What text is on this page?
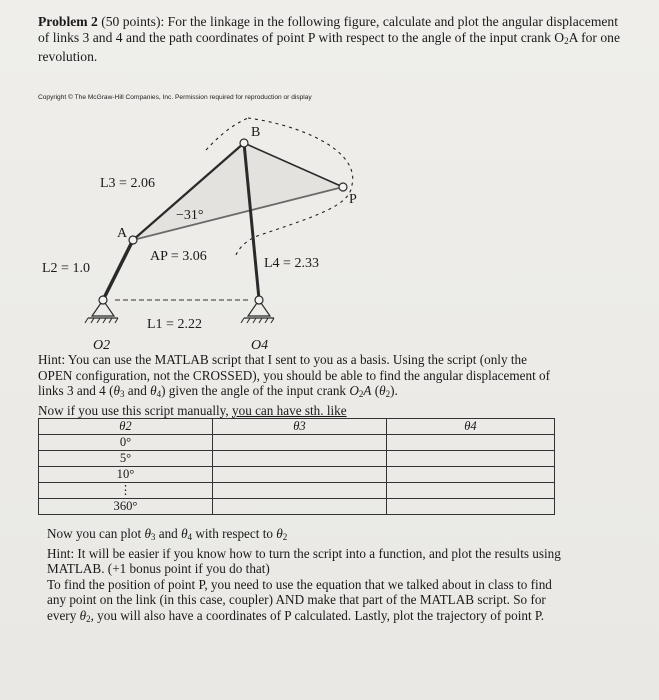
Problem 2 (50 points): For the linkage in the following figure, calculate and plot the angular displacement of links 3 and 4 and the path coordinates of point P with respect to the angle of the input crank $O_2A$ for one revolution.
Copyright © The McGraw-Hill Companies, Inc. Permission required for reproduction or display
B
P
A
L3 = 2.06
−31°
AP = 3.06	L4 = 2.33
L2 = 1.0
L1 = 2.22
O2	O4
Hint: You can use the MATLAB script that I sent to you as a basis. Using the script (only the
OPEN configuration, not the CROSSED), you should be able to find the angular displacement of
links 3 and 4 ($\theta_3$ and $\theta_4$) given the angle of the input crank $O_2A$ $(\theta_2)$.
Now if you use this script manually, you can have sth. like
θ2	θ3	θ4
0°		
5°		
10°		
⋮		
360°		
Now you can plot $\theta_3$ and $\theta_4$ with respect to $\theta_2$
Hint: It will be easier if you know how to turn the script into a function, and plot the results using
MATLAB. (+1 bonus point if you do that)
To find the position of point P, you need to use the equation that we talked about in class to find
any point on the link (in this case, coupler) AND make that part of the MATLAB script. So for
every $\theta_2$, you will also have a coordinates of P calculated. Lastly, plot the trajectory of point P.
